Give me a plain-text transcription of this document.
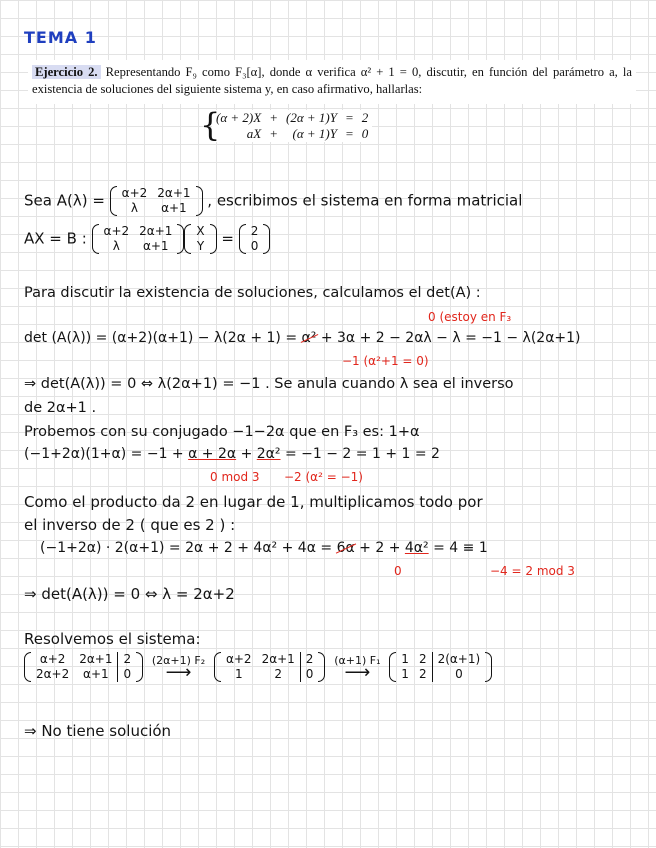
TEMA 1
Ejercicio 2. Representando F₉ como F₃[α], donde α verifica α² + 1 = 0, discutir, en función del parámetro a, la existencia de soluciones del siguiente sistema y, en caso afirmativo, hallarlas:
{
(α + 2)X	+	(2α + 1)Y	=	2
aX	+	(α + 1)Y	=	0
Sea A(λ) = α+2	2α+1
λ	α+1 , escribimos el sistema en forma matricial
AX = B : α+2	2α+1
λ	α+1
X
Y = 2
0
Para discutir la existencia de soluciones, calculamos el det(A) :
0 (estoy en F₃
det (A(λ)) = (α+2)(α+1) − λ(2α + 1) = α² + 3α + 2 − 2αλ − λ = −1 − λ(2α+1)
−1 (α²+1 = 0)
⇒ det(A(λ)) = 0 ⇔ λ(2α+1) = −1 . Se anula cuando λ sea el inverso
de 2α+1 .
Probemos con su conjugado −1−2α que en F₃ es: 1+α
(−1+2α)(1+α) = −1 + α + 2α + 2α² = −1 − 2 = 1 + 1 = 2
0 mod 3 −2 (α² = −1)
Como el producto da 2 en lugar de 1, multiplicamos todo por
el inverso de 2 ( que es 2 ) :
(−1+2α) · 2(α+1) = 2α + 2 + 4α² + 4α = 6α + 2 + 4α² = 4 ≡ 1
0	−4 = 2 mod 3
⇒ det(A(λ)) = 0 ⇔ λ = 2α+2
Resolvemos el sistema:
α+2	2α+1	2
2α+2	α+1	0

(2α+1) F₂
⟶

α+2	2α+1	2
1	2	0

(α+1) F₁
⟶

1	2	2(α+1)
1	2	0
⇒ No tiene solución
